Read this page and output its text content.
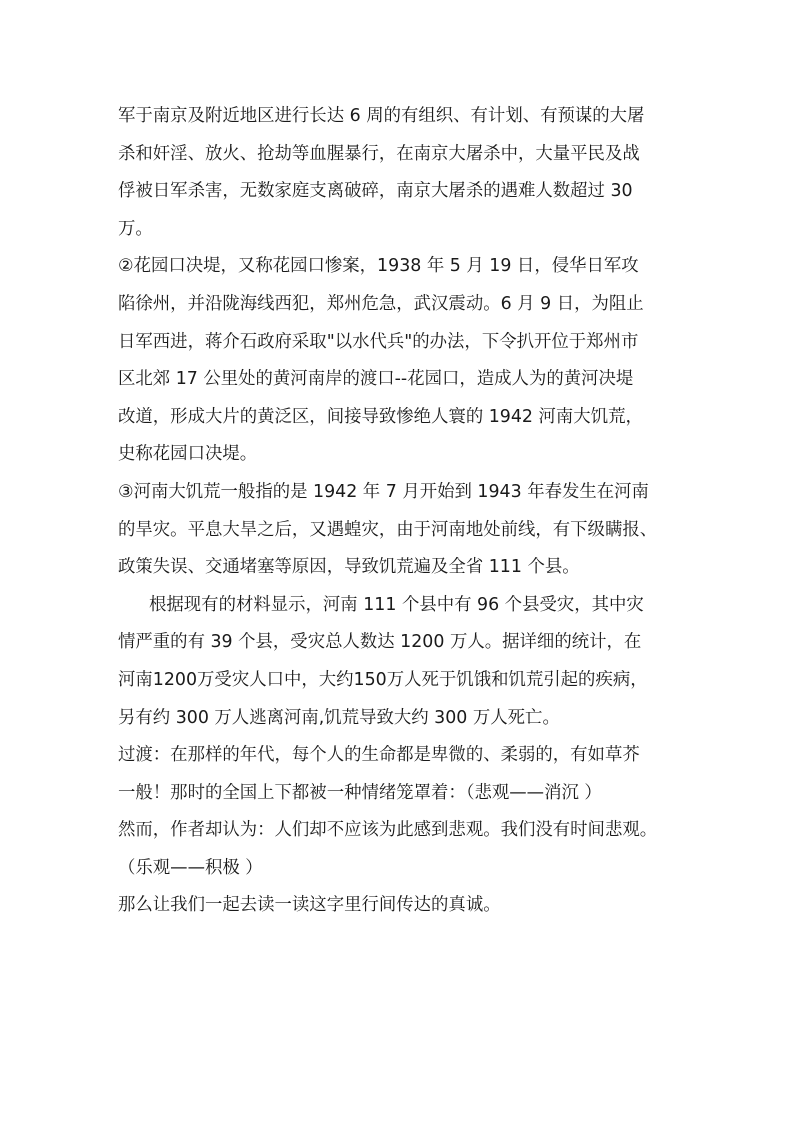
军于南京及附近地区进行长达 6 周的有组织、有计划、有预谋的大屠
杀和奸淫、放火、抢劫等血腥暴行，在南京大屠杀中，大量平民及战
俘被日军杀害，无数家庭支离破碎，南京大屠杀的遇难人数超过 30
万。
②花园口决堤，又称花园口惨案，1938 年 5 月 19 日，侵华日军攻
陷徐州，并沿陇海线西犯，郑州危急，武汉震动。6 月 9 日，为阻止
日军西进，蒋介石政府采取"以水代兵"的办法，下令扒开位于郑州市
区北郊 17 公里处的黄河南岸的渡口--花园口，造成人为的黄河决堤
改道，形成大片的黄泛区，间接导致惨绝人寰的 1942 河南大饥荒，
史称花园口决堤。
③河南大饥荒一般指的是 1942 年 7 月开始到 1943 年春发生在河南
的旱灾。平息大旱之后，又遇蝗灾，由于河南地处前线，有下级瞒报、
政策失误、交通堵塞等原因，导致饥荒遍及全省 111 个县。
根据现有的材料显示，河南 111 个县中有 96 个县受灾，其中灾
情严重的有 39 个县，受灾总人数达 1200 万人。据详细的统计，在
河南1200万受灾人口中，大约150万人死于饥饿和饥荒引起的疾病，
另有约 300 万人逃离河南,饥荒导致大约 300 万人死亡。
过渡：在那样的年代，每个人的生命都是卑微的、柔弱的，有如草芥
一般！那时的全国上下都被一种情绪笼罩着：（悲观——消沉 ）
然而，作者却认为：人们却不应该为此感到悲观。我们没有时间悲观。
（乐观——积极 ）
那么让我们一起去读一读这字里行间传达的真诚。
